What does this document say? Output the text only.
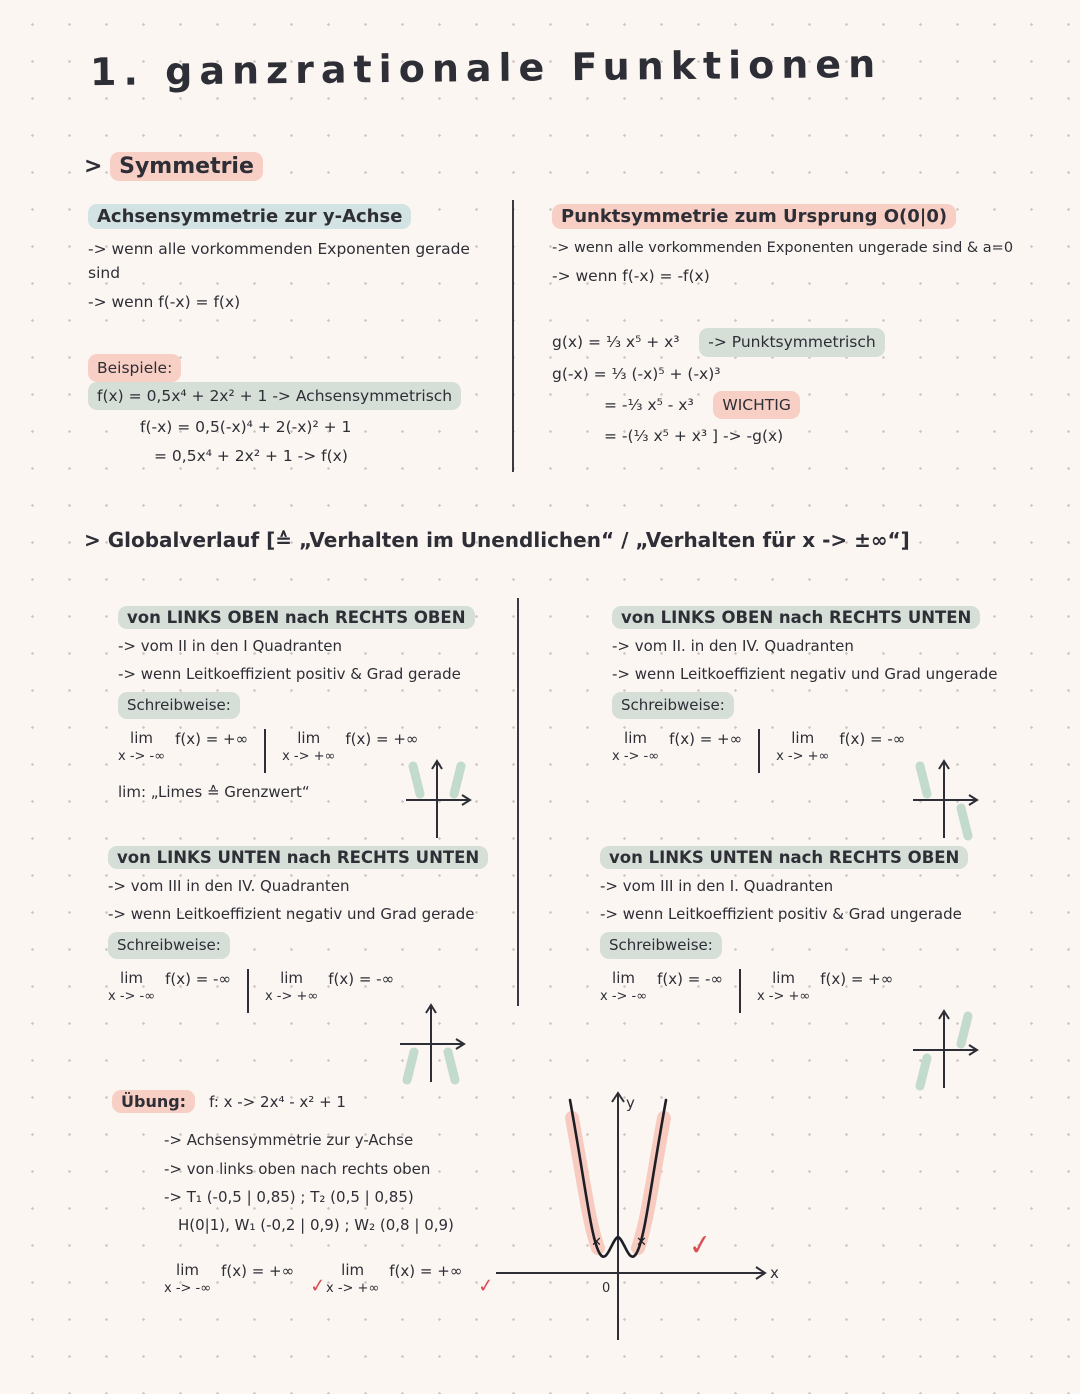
1. ganzrationale Funktionen
> Symmetrie
Achsensymmetrie zur y-Achse
-> wenn alle vorkommenden Exponenten gerade sind
-> wenn f(-x) = f(x)
Beispiele: f(x) = 0,5x⁴ + 2x² + 1 -> Achsensymmetrisch
f(-x) = 0,5(-x)⁴ + 2(-x)² + 1
= 0,5x⁴ + 2x² + 1 -> f(x)
Punktsymmetrie zum Ursprung O(0|0)
-> wenn alle vorkommenden Exponenten ungerade sind & a=0
-> wenn f(-x) = -f(x)
g(x) = ⅓ x⁵ + x³ -> Punktsymmetrisch
g(-x) = ⅓ (-x)⁵ + (-x)³
= -⅓ x⁵ - x³ WICHTIG
= -(⅓ x⁵ + x³ ] -> -g(x)
> Globalverlauf [≙ „Verhalten im Unendlichen“ / „Verhalten für x -> ±∞“]
von LINKS OBEN nach RECHTS OBEN
-> vom II in den I Quadranten
-> wenn Leitkoeffizient positiv & Grad gerade
Schreibweise:
lim
x -> -∞
f(x) = +∞	lim
x -> +∞
f(x) = +∞
lim: „Limes ≙ Grenzwert“
von LINKS OBEN nach RECHTS UNTEN
-> vom II. in den IV. Quadranten
-> wenn Leitkoeffizient negativ und Grad ungerade
Schreibweise:
lim
x -> -∞
f(x) = +∞	lim
x -> +∞
f(x) = -∞
von LINKS UNTEN nach RECHTS UNTEN
-> vom III in den IV. Quadranten
-> wenn Leitkoeffizient negativ und Grad gerade
Schreibweise:
lim
x -> -∞
f(x) = -∞	lim
x -> +∞
f(x) = -∞
von LINKS UNTEN nach RECHTS OBEN
-> vom III in den I. Quadranten
-> wenn Leitkoeffizient positiv & Grad ungerade
Schreibweise:
lim
x -> -∞
f(x) = -∞	lim
x -> +∞
f(x) = +∞
Übung:	f: x -> 2x⁴ - x² + 1
-> Achsensymmetrie zur y-Achse
-> von links oben nach rechts oben
-> T₁ (-0,5 | 0,85) ; T₂ (0,5 | 0,85)
H(0|1), W₁ (-0,2 | 0,9) ; W₂ (0,8 | 0,9)
lim
x -> -∞
f(x) = +∞
✓
lim
x -> +∞
f(x) = +∞
✓
✕	✕
y
x
0
✓
